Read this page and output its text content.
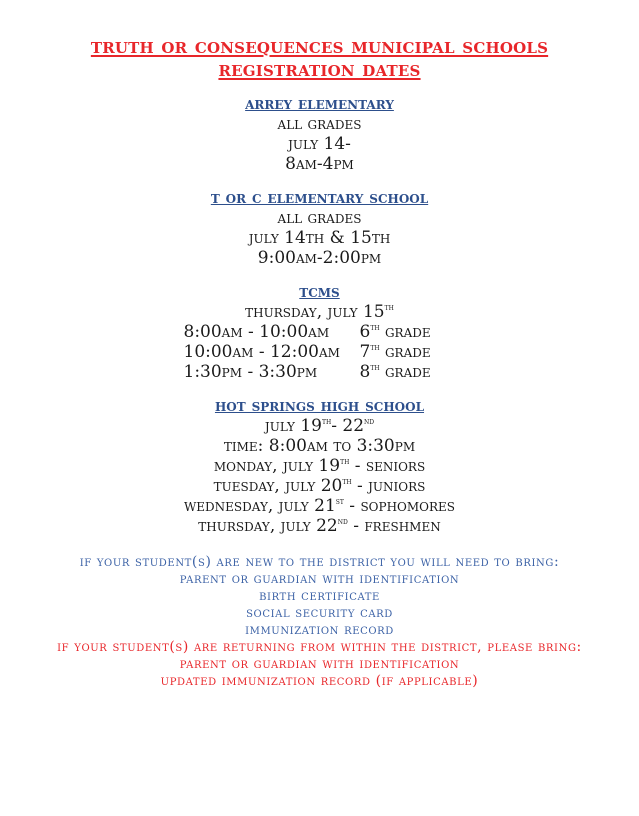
truth or consequences municipal schools

registration dates

arrey elementary

all grades

july 14-

8am-4pm

t or c elementary school

all grades

july 14th & 15th

9:00am-2:00pm

tcms

thursday, july 15th

8:00am - 10:00am	6th grade
10:00am - 12:00am	7th grade
1:30pm - 3:30pm	8th grade

hot springs high school

july 19th- 22nd

time: 8:00am to 3:30pm

monday, july 19th - seniors

tuesday, july 20th - juniors

wednesday, july 21st - sophomores

thursday, july 22nd - freshmen

if your student(s) are new to the district you will need to bring:

parent or guardian with identification

birth certificate

social security card

immunization record

if your student(s) are returning from within the district, please bring:

parent or guardian with identification

updated immunization record (if applicable)
